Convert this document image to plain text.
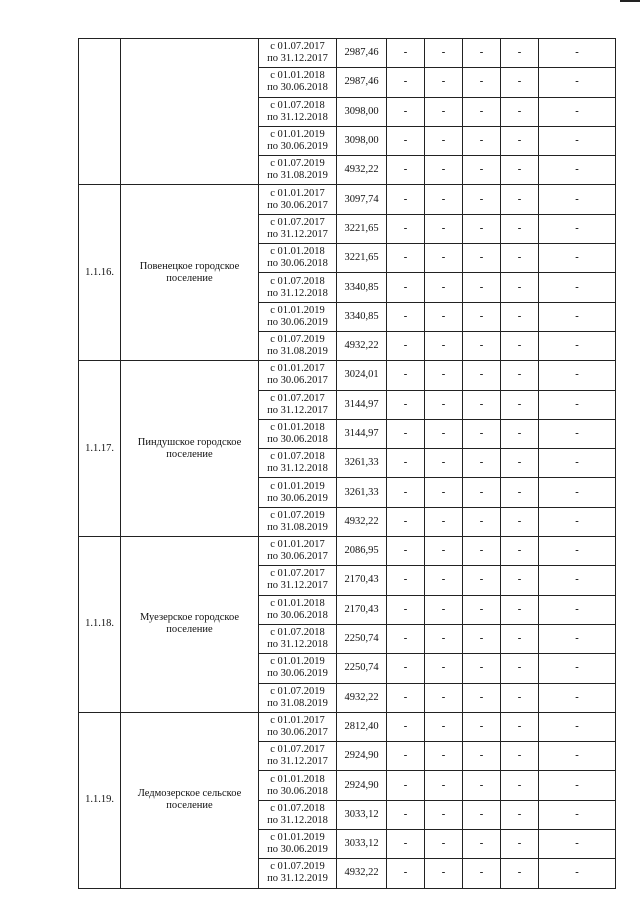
		с 01.07.2017
по 31.12.2017	2987,46	-	-	-	-	-
		с 01.01.2018
по 30.06.2018	2987,46	-	-	-	-	-
		с 01.07.2018
по 31.12.2018	3098,00	-	-	-	-	-
		с 01.01.2019
по 30.06.2019	3098,00	-	-	-	-	-
		с 01.07.2019
по 31.08.2019	4932,22	-	-	-	-	-
1.1.16.	Повенецкое городское поселение	с 01.01.2017
по 30.06.2017	3097,74	-	-	-	-	-
		с 01.07.2017
по 31.12.2017	3221,65	-	-	-	-	-
		с 01.01.2018
по 30.06.2018	3221,65	-	-	-	-	-
		с 01.07.2018
по 31.12.2018	3340,85	-	-	-	-	-
		с 01.01.2019
по 30.06.2019	3340,85	-	-	-	-	-
		с 01.07.2019
по 31.08.2019	4932,22	-	-	-	-	-
1.1.17.	Пиндушское городское поселение	с 01.01.2017
по 30.06.2017	3024,01	-	-	-	-	-
		с 01.07.2017
по 31.12.2017	3144,97	-	-	-	-	-
		с 01.01.2018
по 30.06.2018	3144,97	-	-	-	-	-
		с 01.07.2018
по 31.12.2018	3261,33	-	-	-	-	-
		с 01.01.2019
по 30.06.2019	3261,33	-	-	-	-	-
		с 01.07.2019
по 31.08.2019	4932,22	-	-	-	-	-
1.1.18.	Муезерское городское поселение	с 01.01.2017
по 30.06.2017	2086,95	-	-	-	-	-
		с 01.07.2017
по 31.12.2017	2170,43	-	-	-	-	-
		с 01.01.2018
по 30.06.2018	2170,43	-	-	-	-	-
		с 01.07.2018
по 31.12.2018	2250,74	-	-	-	-	-
		с 01.01.2019
по 30.06.2019	2250,74	-	-	-	-	-
		с 01.07.2019
по 31.08.2019	4932,22	-	-	-	-	-
1.1.19.	Ледмозерское сельское поселение	с 01.01.2017
по 30.06.2017	2812,40	-	-	-	-	-
		с 01.07.2017
по 31.12.2017	2924,90	-	-	-	-	-
		с 01.01.2018
по 30.06.2018	2924,90	-	-	-	-	-
		с 01.07.2018
по 31.12.2018	3033,12	-	-	-	-	-
		с 01.01.2019
по 30.06.2019	3033,12	-	-	-	-	-
		с 01.07.2019
по 31.12.2019	4932,22	-	-	-	-	-
